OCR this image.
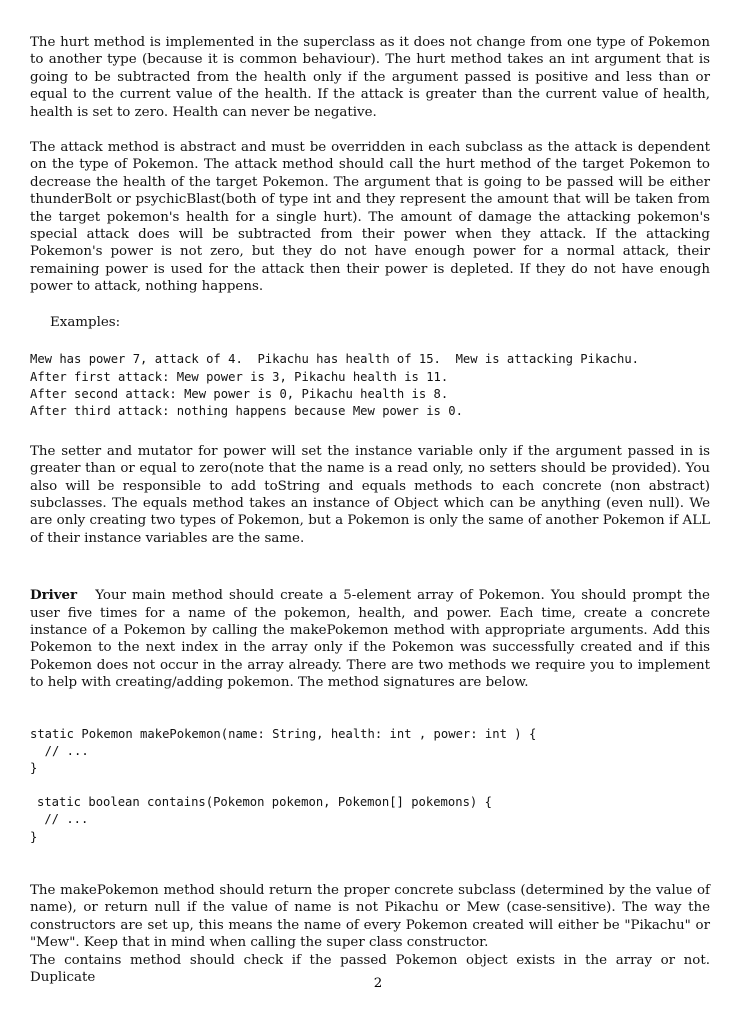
The hurt method is implemented in the superclass as it does not change from one type of Pokemon to another type (because it is common behaviour). The hurt method takes an int argument that is going to be subtracted from the health only if the argument passed is positive and less than or equal to the current value of the health. If the attack is greater than the current value of health, health is set to zero. Health can never be negative.

The attack method is abstract and must be overridden in each subclass as the attack is dependent on the type of Pokemon. The attack method should call the hurt method of the target Pokemon to decrease the health of the target Pokemon. The argument that is going to be passed will be either thunderBolt or psychicBlast(both of type int and they represent the amount that will be taken from the target pokemon's health for a single hurt). The amount of damage the attacking pokemon's special attack does will be subtracted from their power when they attack. If the attacking Pokemon's power is not zero, but they do not have enough power for a normal attack, their remaining power is used for the attack then their power is depleted. If they do not have enough power to attack, nothing happens.

Examples:

Mew has power 7, attack of 4.  Pikachu has health of 15.  Mew is attacking Pikachu.
After first attack: Mew power is 3, Pikachu health is 11.
After second attack: Mew power is 0, Pikachu health is 8.
After third attack: nothing happens because Mew power is 0.

The setter and mutator for power will set the instance variable only if the argument passed in is greater than or equal to zero(note that the name is a read only, no setters should be provided). You also will be responsible to add toString and equals methods to each concrete (non abstract) subclasses. The equals method takes an instance of Object which can be anything (even null). We are only creating two types of Pokemon, but a Pokemon is only the same of another Pokemon if ALL of their instance variables are the same.

Driver Your main method should create a 5-element array of Pokemon. You should prompt the user five times for a name of the pokemon, health, and power. Each time, create a concrete instance of a Pokemon by calling the makePokemon method with appropriate arguments. Add this Pokemon to the next index in the array only if the Pokemon was successfully created and if this Pokemon does not occur in the array already. There are two methods we require you to implement to help with creating/adding pokemon. The method signatures are below.

static Pokemon makePokemon(name: String, health: int , power: int ) {
// ...
}
static boolean contains(Pokemon pokemon, Pokemon[] pokemons) {
// ...
}

The makePokemon method should return the proper concrete subclass (determined by the value of name), or return null if the value of name is not Pikachu or Mew (case-sensitive). The way the constructors are set up, this means the name of every Pokemon created will either be "Pikachu" or "Mew". Keep that in mind when calling the super class constructor.

The contains method should check if the passed Pokemon object exists in the array or not. Duplicate	2
